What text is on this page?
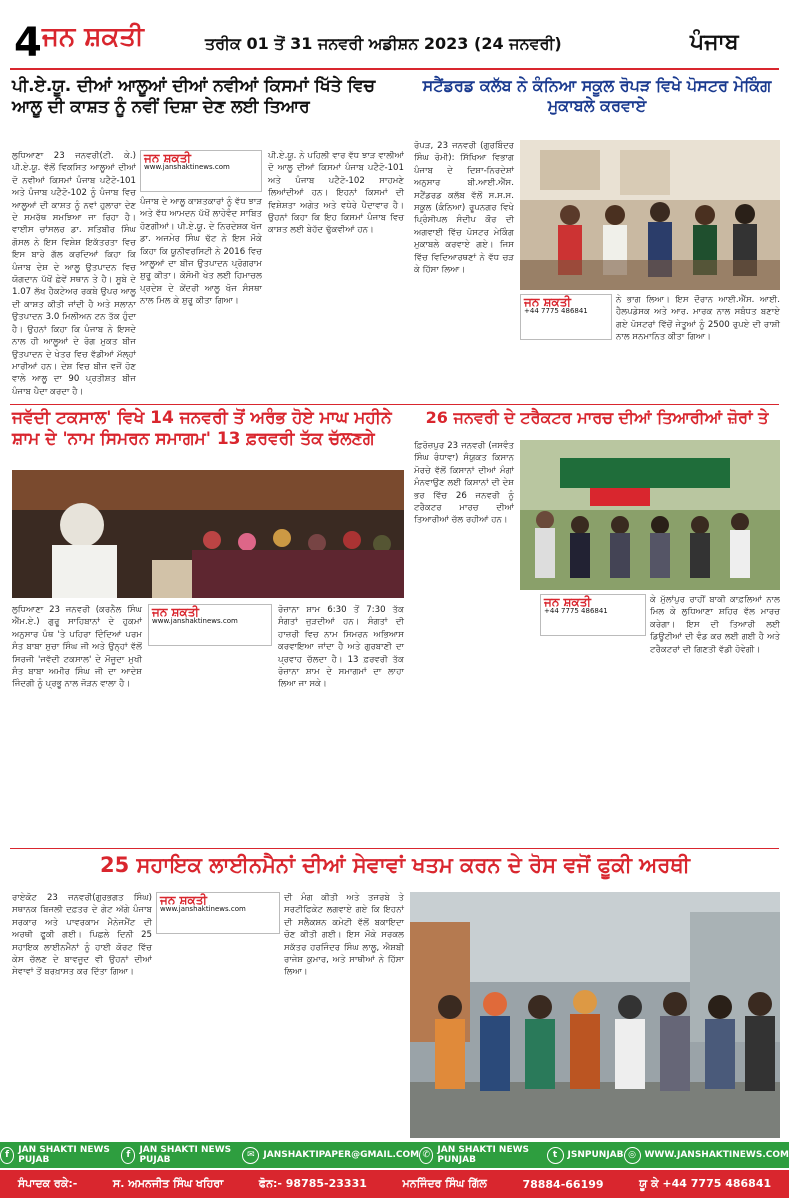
4 ਜਨ ਸ਼ਕਤੀ	ਤਰੀਕ 01 ਤੋਂ 31 ਜਨਵਰੀ ਅਡੀਸ਼ਨ 2023 (24 ਜਨਵਰੀ)	ਪੰਜਾਬ
ਪੀ.ਏ.ਯੂ. ਦੀਆਂ ਆਲੂਆਂ ਦੀਆਂ ਨਵੀਆਂ ਕਿਸਮਾਂ ਖਿੱਤੇ ਵਿਚ ਆਲੂ ਦੀ ਕਾਸ਼ਤ ਨੂੰ ਨਵੀਂ ਦਿਸ਼ਾ ਦੇਣ ਲਈ ਤਿਆਰ
ਲੁਧਿਆਣਾ 23 ਜਨਵਰੀ(ਟੀ. ਕੇ.) ਪੀ.ਏ.ਯੂ. ਵੱਲੋਂ ਵਿਕਸਿਤ ਆਲੂਆਂ ਦੀਆਂ ਦੋ ਨਵੀਆਂ ਕਿਸਮਾਂ ਪੰਜਾਬ ਪਟੈਟੋ-101 ਅਤੇ ਪੰਜਾਬ ਪਟੈਟੋ-102 ਨੂੰ ਪੰਜਾਬ ਵਿਚ ਆਲੂਆਂ ਦੀ ਕਾਸ਼ਤ ਨੂੰ ਨਵਾਂ ਹੁਲਾਰਾ ਦੇਣ ਦੇ ਸਮਰੱਥ ਸਮਝਿਆ ਜਾ ਰਿਹਾ ਹੈ। ਵਾਈਸ ਚਾਂਸਲਰ ਡਾ. ਸਤਿਬੀਰ ਸਿੰਘ ਗੋਸਲ ਨੇ ਇਸ ਵਿਸ਼ੇਸ਼ ਇਕੱਤਰਤਾ ਵਿਚ ਇਸ ਬਾਰੇ ਗੱਲ ਕਰਦਿਆਂ ਕਿਹਾ ਕਿ ਪੰਜਾਬ ਦੇਸ਼ ਦੇ ਆਲੂ ਉਤਪਾਦਨ ਵਿਚ ਯੋਗਦਾਨ ਪੱਖੋਂ ਛੇਵੇਂ ਸਥਾਨ ਤੇ ਹੈ। ਸੂਬੇ ਦੇ 1.07 ਲੱਖ ਹੈਕਟੇਅਰ ਰਕਬੇ ਉਪਰ ਆਲੂ ਦੀ ਕਾਸ਼ਤ ਕੀਤੀ ਜਾਂਦੀ ਹੈ ਅਤੇ ਸਲਾਨਾ ਉਤਪਾਦਨ 3.0 ਮਿਲੀਅਨ ਟਨ ਤੱਕ ਹੁੰਦਾ ਹੈ। ਉਹਨਾਂ ਕਿਹਾ ਕਿ ਪੰਜਾਬ ਨੇ ਇਸਦੇ ਨਾਲ ਹੀ ਆਲੂਆਂ ਦੇ ਰੋਗ ਮੁਕਤ ਬੀਜ ਉਤਪਾਦਨ ਦੇ ਖੇਤਰ ਵਿਚ ਵੱਡੀਆਂ ਮੱਲ੍ਹਾਂ ਮਾਰੀਆਂ ਹਨ। ਦੇਸ਼ ਵਿਚ ਬੀਜ ਵਜੋਂ ਹੋਣ ਵਾਲੇ ਆਲੂ ਦਾ 90 ਪ੍ਰਤੀਸ਼ਤ ਬੀਜ ਪੰਜਾਬ ਪੈਦਾ ਕਰਦਾ ਹੈ।
ਜਨ ਸ਼ਕਤੀ
www.janshaktinews.com
ਪੰਜਾਬ ਦੇ ਆਲੂ ਕਾਸ਼ਤਕਾਰਾਂ ਨੂੰ ਵੱਧ ਝਾੜ ਅਤੇ ਵੱਧ ਆਮਦਨ ਪੱਖੋਂ ਲਾਹੇਵੰਦ ਸਾਬਿਤ ਹੋਣਗੀਆਂ। ਪੀ.ਏ.ਯੂ. ਦੇ ਨਿਰਦੇਸ਼ਕ ਖੋਜ ਡਾ. ਅਜਮੇਰ ਸਿੰਘ ਢੱਟ ਨੇ ਇਸ ਮੌਕੇ ਕਿਹਾ ਕਿ ਯੂਨੀਵਰਸਿਟੀ ਨੇ 2016 ਵਿਚ ਆਲੂਆਂ ਦਾ ਬੀਜ ਉਤਪਾਦਨ ਪ੍ਰੋਗਰਾਮ ਸ਼ੁਰੂ ਕੀਤਾ। ਕੋਸੋਮੀ ਖੇਤ ਲਈ ਹਿਮਾਚਲ ਪ੍ਰਦੇਸ਼ ਦੇ ਕੇਂਦਰੀ ਆਲੂ ਖੋਜ ਸੰਸਥਾ ਨਾਲ ਮਿਲ ਕੇ ਸ਼ੁਰੂ ਕੀਤਾ ਗਿਆ।
ਪੀ.ਏ.ਯੂ. ਨੇ ਪਹਿਲੀ ਵਾਰ ਵੱਧ ਝਾੜ ਵਾਲੀਆਂ ਦੋ ਆਲੂ ਦੀਆਂ ਕਿਸਮਾਂ ਪੰਜਾਬ ਪਟੈਟੋ-101 ਅਤੇ ਪੰਜਾਬ ਪਟੈਟੋ-102 ਸਾਹਮਣੇ ਲਿਆਂਦੀਆਂ ਹਨ। ਇਹਨਾਂ ਕਿਸਮਾਂ ਦੀ ਵਿਸ਼ੇਸ਼ਤਾ ਅਗੇਤ ਅਤੇ ਵਧੇਰੇ ਪੈਦਾਵਾਰ ਹੈ। ਉਹਨਾਂ ਕਿਹਾ ਕਿ ਇਹ ਕਿਸਮਾਂ ਪੰਜਾਬ ਵਿਚ ਕਾਸ਼ਤ ਲਈ ਬੇਹੱਦ ਢੁੱਕਵੀਆਂ ਹਨ।
ਸਟੈਂਡਰਡ ਕਲੱਬ ਨੇ ਕੰਨਿਆ ਸਕੂਲ ਰੋਪੜ ਵਿਖੇ ਪੋਸਟਰ ਮੇਕਿੰਗ ਮੁਕਾਬਲੇ ਕਰਵਾਏ
ਰੋਪੜ, 23 ਜਨਵਰੀ (ਗੁਰਬਿੰਦਰ ਸਿੰਘ ਰੋਮੀ): ਸਿੱਖਿਆ ਵਿਭਾਗ ਪੰਜਾਬ ਦੇ ਦਿਸ਼ਾ-ਨਿਰਦੇਸ਼ਾਂ ਅਨੁਸਾਰ ਬੀ.ਆਈ.ਐੱਸ. ਸਟੈਂਡਰਡ ਕਲੱਬ ਵੱਲੋਂ ਸ.ਸ.ਸ. ਸਕੂਲ (ਕੰਨਿਆ) ਰੂਪਨਗਰ ਵਿਖੇ ਪ੍ਰਿੰਸੀਪਲ ਸੰਦੀਪ ਕੌਰ ਦੀ ਅਗਵਾਈ ਵਿੱਚ ਪੋਸਟਰ ਮੇਕਿੰਗ ਮੁਕਾਬਲੇ ਕਰਵਾਏ ਗਏ। ਜਿਸ ਵਿੱਚ ਵਿਦਿਆਰਥਣਾਂ ਨੇ ਵੱਧ ਚੜ ਕੇ ਹਿੱਸਾ ਲਿਆ।
ਜਨ ਸ਼ਕਤੀ
+44 7775 486841
ਨੇ ਭਾਗ ਲਿਆ। ਇਸ ਦੌਰਾਨ ਆਈ.ਐੱਸ. ਆਈ. ਹੈਲਪਡੇਸਕ ਅਤੇ ਆਰ. ਮਾਰਕ ਨਾਲ ਸਬੰਧਤ ਬਣਾਏ ਗਏ ਪੋਸਟਰਾਂ ਵਿੱਚੋਂ ਜੇਤੂਆਂ ਨੂੰ 2500 ਰੁਪਏ ਦੀ ਰਾਸ਼ੀ ਨਾਲ ਸਨਮਾਨਿਤ ਕੀਤਾ ਗਿਆ।
ਜਵੱਦੀ ਟਕਸਾਲ' ਵਿਖੇ 14 ਜਨਵਰੀ ਤੋਂ ਅਰੰਭ ਹੋਏ ਮਾਘ ਮਹੀਨੇ ਸ਼ਾਮ ਦੇ 'ਨਾਮ ਸਿਮਰਨ ਸਮਾਗਮ' 13 ਫ਼ਰਵਰੀ ਤੱਕ ਚੱਲਣਗੇ
ਲੁਧਿਆਣਾ 23 ਜਨਵਰੀ (ਕਰਨੈਲ ਸਿੰਘ ਐੱਮ.ਏ.) ਗੁਰੂ ਸਾਹਿਬਾਨਾਂ ਦੇ ਹੁਕਮਾਂ ਅਨੁਸਾਰ ਪੰਥ 'ਤੇ ਪਹਿਰਾ ਦਿੰਦਿਆਂ ਪਰਮ ਸੰਤ ਬਾਬਾ ਸੁਚਾ ਸਿੰਘ ਜੀ ਅਤੇ ਉਨ੍ਹਾਂ ਵੱਲੋਂ ਸਿਰਜੀ 'ਜਵੱਦੀ ਟਕਸਾਲ' ਦੇ ਮੌਜੂਦਾ ਮੁਖੀ ਸੰਤ ਬਾਬਾ ਅਮੀਰ ਸਿੰਘ ਜੀ ਦਾ ਆਦੇਸ਼ ਜਿੰਦਗੀ ਨੂੰ ਪ੍ਰਭੂ ਨਾਲ ਜੋੜਨ ਵਾਲਾ ਹੈ।
ਜਨ ਸ਼ਕਤੀ
www.janshaktinews.com
ਰੋਜ਼ਾਨਾ ਸ਼ਾਮ 6:30 ਤੋਂ 7:30 ਤੱਕ ਸੰਗਤਾਂ ਜੁੜਦੀਆਂ ਹਨ। ਸੰਗਤਾਂ ਦੀ ਹਾਜ਼ਰੀ ਵਿਚ ਨਾਮ ਸਿਮਰਨ ਅਭਿਆਸ ਕਰਵਾਇਆ ਜਾਂਦਾ ਹੈ ਅਤੇ ਗੁਰਬਾਣੀ ਦਾ ਪ੍ਰਵਾਹ ਚੱਲਦਾ ਹੈ। 13 ਫ਼ਰਵਰੀ ਤੱਕ ਰੋਜ਼ਾਨਾ ਸ਼ਾਮ ਦੇ ਸਮਾਗਮਾਂ ਦਾ ਲਾਹਾ ਲਿਆ ਜਾ ਸਕੇ।
26 ਜਨਵਰੀ ਦੇ ਟਰੈਕਟਰ ਮਾਰਚ ਦੀਆਂ ਤਿਆਰੀਆਂ ਜ਼ੋਰਾਂ ਤੇ
ਫ਼ਿਰੋਜ਼ਪੁਰ 23 ਜਨਵਰੀ (ਜਸਵੰਤ ਸਿੰਘ ਰੰਧਾਵਾ) ਸੰਯੁਕਤ ਕਿਸਾਨ ਮੋਰਚੇ ਵੱਲੋਂ ਕਿਸਾਨਾਂ ਦੀਆਂ ਮੰਗਾਂ ਮੰਨਵਾਉਣ ਲਈ ਕਿਸਾਨਾਂ ਦੀ ਦੇਸ਼ ਭਰ ਵਿੱਚ 26 ਜਨਵਰੀ ਨੂੰ ਟਰੈਕਟਰ ਮਾਰਚ ਦੀਆਂ ਤਿਆਰੀਆਂ ਚੱਲ ਰਹੀਆਂ ਹਨ।
ਜਨ ਸ਼ਕਤੀ
+44 7775 486841
ਕੇ ਮੁੱਲਾਂਪੁਰ ਰਾਹੀਂ ਬਾਕੀ ਕਾਫ਼ਲਿਆਂ ਨਾਲ ਮਿਲ ਕੇ ਲੁਧਿਆਣਾ ਸ਼ਹਿਰ ਵੱਲ ਮਾਰਚ ਕਰੇਗਾ। ਇਸ ਦੀ ਤਿਆਰੀ ਲਈ ਡਿਊਟੀਆਂ ਦੀ ਵੰਡ ਕਰ ਲਈ ਗਈ ਹੈ ਅਤੇ ਟਰੈਕਟਰਾਂ ਦੀ ਗਿਣਤੀ ਵੱਡੀ ਹੋਵੇਗੀ।
25 ਸਹਾਇਕ ਲਾਈਨਮੈਨਾਂ ਦੀਆਂ ਸੇਵਾਵਾਂ ਖਤਮ ਕਰਨ ਦੇ ਰੋਸ ਵਜੋਂ ਫੂਕੀ ਅਰਥੀ
ਰਾਏਕੋਟ 23 ਜਨਵਰੀ(ਗੁਰਭਗਤ ਸਿੰਘ) ਸਥਾਨਕ ਬਿਜਲੀ ਦਫ਼ਤਰ ਦੇ ਗੇਟ ਅੱਗੇ ਪੰਜਾਬ ਸਰਕਾਰ ਅਤੇ ਪਾਵਰਕਾਮ ਮੈਨੇਜਮੈਂਟ ਦੀ ਅਰਥੀ ਫੂਕੀ ਗਈ। ਪਿਛਲੇ ਦਿਨੀ 25 ਸਹਾਇਕ ਲਾਈਨਮੈਨਾਂ ਨੂੰ ਹਾਈ ਕੋਰਟ ਵਿੱਚ ਕੇਸ ਚੱਲਣ ਦੇ ਬਾਵਜੂਦ ਵੀ ਉਹਨਾਂ ਦੀਆਂ ਸੇਵਾਵਾਂ ਤੋਂ ਬਰਖ਼ਾਸਤ ਕਰ ਦਿੱਤਾ ਗਿਆ।
ਜਨ ਸ਼ਕਤੀ
www.janshaktinews.com
ਦੀ ਮੰਗ ਕੀਤੀ ਅਤੇ ਤਜਰਬੇ ਤੇ ਸਰਟੀਫਿਕੇਟ ਲਗਵਾਏ ਗਏ ਕਿ ਇਹਨਾਂ ਦੀ ਸਲੈਕਸ਼ਨ ਕਮੇਟੀ ਵੱਲੋਂ ਬਕਾਇਦਾ ਚੋਣ ਕੀਤੀ ਗਈ। ਇਸ ਮੌਕੇ ਸਰਕਲ ਸਕੱਤਰ ਹਰਜਿੰਦਰ ਸਿੰਘ ਲਾਲੂ, ਐਸ਼ਬੀ ਰਾਜੇਸ਼ ਕੁਮਾਰ, ਅਤੇ ਸਾਥੀਆਂ ਨੇ ਹਿੱਸਾ ਲਿਆ।
f	JAN SHAKTI NEWS PUJAB	f	JAN SHAKTI NEWS PUJAB	✉ JANSHAKTIPAPER@GMAIL.COM ✆ JAN SHAKTI NEWS PUNJAB	t	JSNPUNJAB ◎ WWW.JANSHAKTINEWS.COM
ਸੰਪਾਦਕ ਰਕੇ:-	ਸ. ਅਮਨਜੀਤ ਸਿੰਘ ਖਹਿਰਾ	ਫੋਨ:- 98785-23331	ਮਨਜਿੰਦਰ ਸਿੰਘ ਗਿੱਲ	78884-66199	ਯੂ ਕੇ +44 7775 486841
